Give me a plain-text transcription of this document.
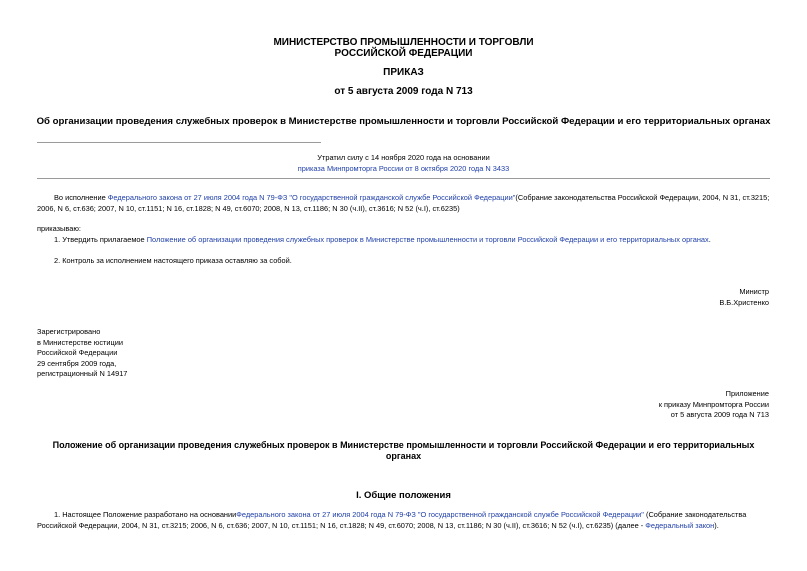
МИНИСТЕРСТВО ПРОМЫШЛЕННОСТИ И ТОРГОВЛИ
РОССИЙСКОЙ ФЕДЕРАЦИИ
ПРИКАЗ
от 5 августа 2009 года N 713
Об организации проведения служебных проверок в Министерстве промышленности и торговли Российской Федерации и его территориальных органах
Утратил силу с 14 ноября 2020 года на основании
приказа Минпромторга России от 8 октября 2020 года N 3433
Во исполнение Федерального закона от 27 июля 2004 года N 79-ФЗ "О государственной гражданской службе Российской Федерации"(Собрание законодательства Российской Федерации, 2004, N 31, ст.3215;
2006, N 6, ст.636; 2007, N 10, ст.1151; N 16, ст.1828; N 49, ст.6070; 2008, N 13, ст.1186; N 30 (ч.II), ст.3616; N 52 (ч.I), ст.6235)
приказываю:
1. Утвердить прилагаемое Положение об организации проведения служебных проверок в Министерстве промышленности и торговли Российской Федерации и его территориальных органах.
2. Контроль за исполнением настоящего приказа оставляю за собой.
Министр
В.Б.Христенко
Зарегистрировано
в Министерстве юстиции
Российской Федерации
29 сентября 2009 года,
регистрационный N 14917
Приложение
к приказу Минпромторга России
от 5 августа 2009 года N 713
Положение об организации проведения служебных проверок в Министерстве промышленности и торговли Российской Федерации и его территориальных
органах
I. Общие положения
1. Настоящее Положение разработано на основанииФедерального закона от 27 июля 2004 года N 79-ФЗ "О государственной гражданской службе Российской Федерации" (Собрание законодательства
Российской Федерации, 2004, N 31, ст.3215; 2006, N 6, ст.636; 2007, N 10, ст.1151; N 16, ст.1828; N 49, ст.6070; 2008, N 13, ст.1186; N 30 (ч.II), ст.3616; N 52 (ч.I), ст.6235) (далее - Федеральный закон).
